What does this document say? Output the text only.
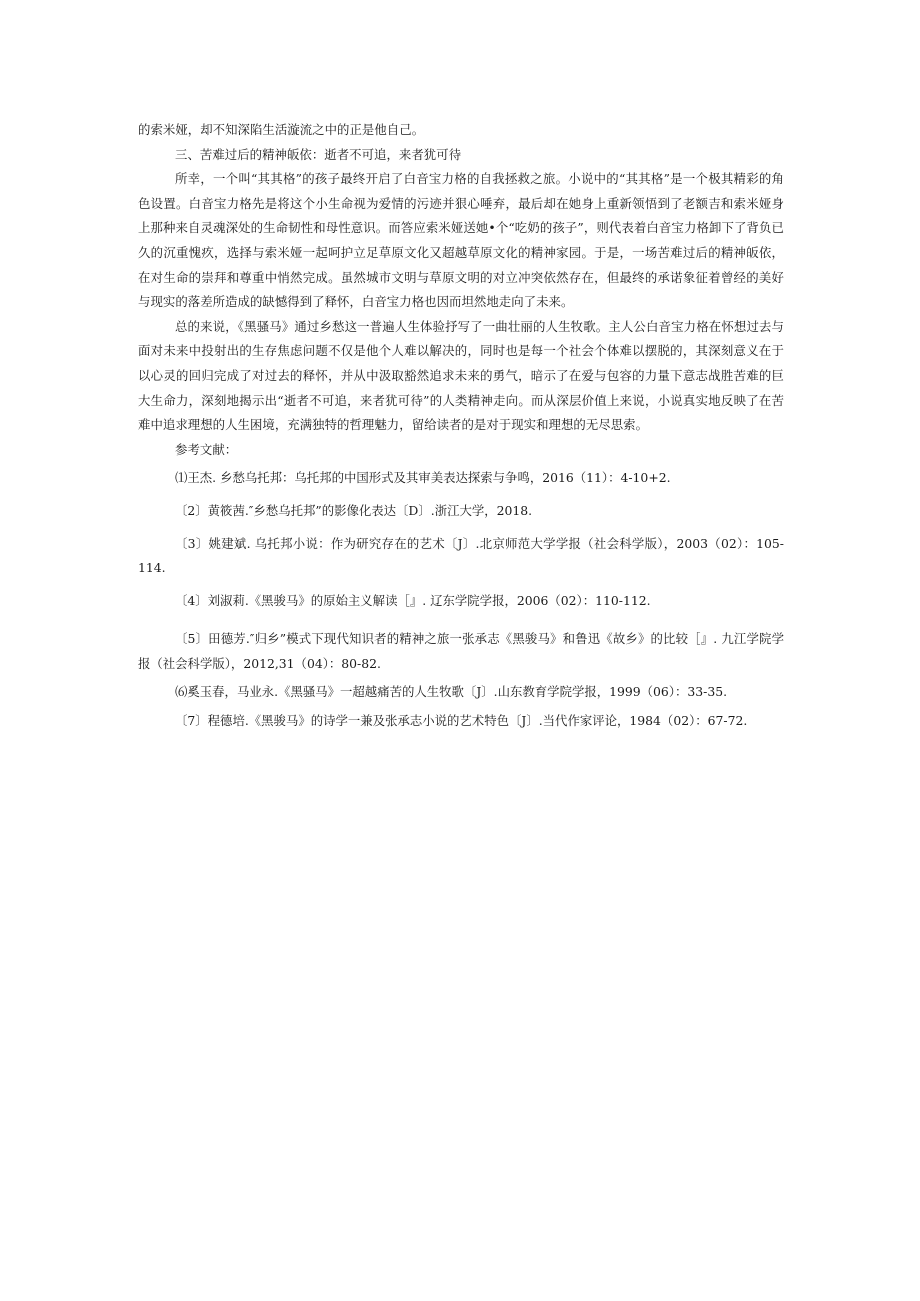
的索米娅，却不知深陷生活漩流之中的正是他自己。

三、苦难过后的精神皈依：逝者不可追，来者犹可待

所幸，一个叫“其其格”的孩子最终开启了白音宝力格的自我拯救之旅。小说中的“其其格”是一个极其精彩的角色设置。白音宝力格先是将这个小生命视为爱情的污迹并狠心唾弃，最后却在她身上重新领悟到了老额吉和索米娅身上那种来自灵魂深处的生命韧性和母性意识。而答应索米娅送她•个“吃奶的孩子”，则代表着白音宝力格卸下了背负已久的沉重愧疚，选择与索米娅一起呵护立足草原文化又超越草原文化的精神家园。于是，一场苦难过后的精神皈依，在对生命的崇拜和尊重中悄然完成。虽然城市文明与草原文明的对立冲突依然存在，但最终的承诺象征着曾经的美好与现实的落差所造成的缺憾得到了释怀，白音宝力格也因而坦然地走向了未来。

总的来说，《黑骚马》通过乡愁这一普遍人生体验抒写了一曲壮丽的人生牧歌。主人公白音宝力格在怀想过去与面对未来中投射出的生存焦虑问题不仅是他个人难以解决的，同时也是每一个社会个体难以摆脱的，其深刻意义在于以心灵的回归完成了对过去的释怀，并从中汲取豁然追求未来的勇气，暗示了在爱与包容的力量下意志战胜苦难的巨大生命力，深刻地揭示出“逝者不可追，来者犹可待”的人类精神走向。而从深层价值上来说，小说真实地反映了在苦难中追求理想的人生困境，充满独特的哲理魅力，留给读者的是对于现实和理想的无尽思索。

参考文献：

⑴王杰. 乡愁乌托邦：乌托邦的中国形式及其审美表达探索与争鸣，2016（11）：4-10+2.

〔2〕黄筱茜.″乡愁乌托邦”的影像化表达〔D〕.浙江大学，2018.

〔3〕姚建斌. 乌托邦小说：作为研究存在的艺术〔J〕.北京师范大学学报（社会科学版），2003（02）：105-114.

〔4〕刘淑莉.《黑骏马》的原始主义解读［』. 辽东学院学报，2006（02）：110-112.

〔5〕田德芳.″归乡”模式下现代知识者的精神之旅一张承志《黑骏马》和鲁迅《故乡》的比较［』. 九江学院学报（社会科学版），2012,31（04）：80-82.

⑹奚玉春，马业永.《黑骚马》一超越痛苦的人生牧歌〔J〕.山东教育学院学报，1999（06）：33-35.

〔7〕程德培.《黑骏马》的诗学一兼及张承志小说的艺术特色〔J〕.当代作家评论，1984（02）：67-72.
